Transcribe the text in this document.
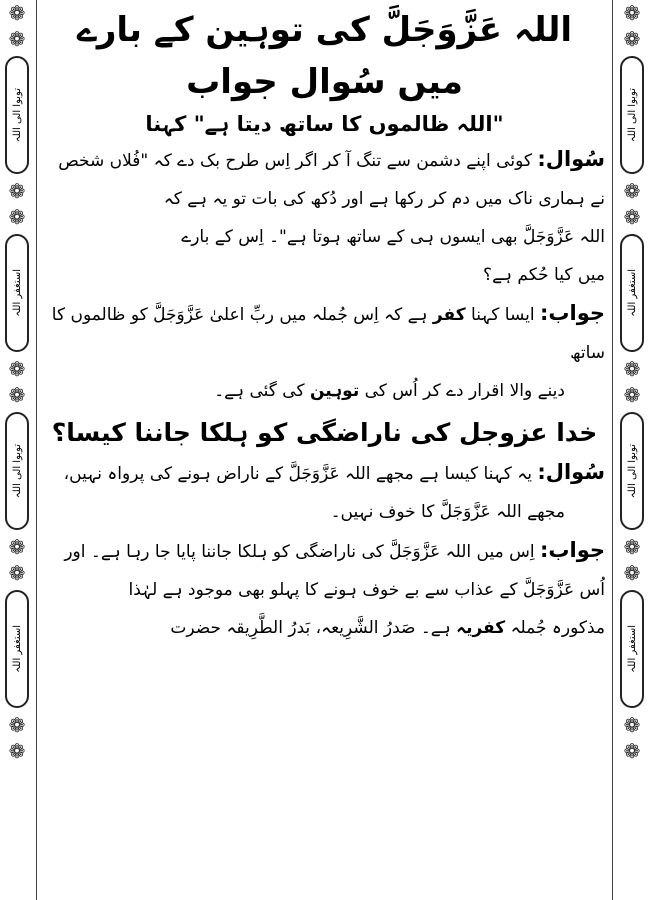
❁
❁
توبوا الی اللہ
❁
❁
استغفر اللہ
❁
❁
توبوا الی اللہ
❁
❁
استغفر اللہ
❁
❁
❁
❁
توبوا الی اللہ
❁
❁
استغفر اللہ
❁
❁
توبوا الی اللہ
❁
❁
استغفر اللہ
❁
❁
اللہ عَزَّوَجَلَّ کی توہین کے بارے
میں سُوال جواب
"اللہ ظالموں کا ساتھ دیتا ہے" کہنا

سُوال: کوئی اپنے دشمن سے تنگ آ کر اگر اِس طرح بک دے کہ "فُلاں شخص

نے ہماری ناک میں دم کر رکھا ہے اور دُکھ کی بات تو یہ ہے کہ

اللہ عَزَّوَجَلَّ بھی ایسوں ہی کے ساتھ ہوتا ہے"۔ اِس کے بارے

میں کیا حُکم ہے؟

جواب: ایسا کہنا کفر ہے کہ اِس جُملہ میں ربِّ اعلیٰ عَزَّوَجَلَّ کو ظالموں کا ساتھ

دینے والا اقرار دے کر اُس کی توہین کی گئی ہے۔

خدا عزوجل کی ناراضگی کو ہلکا جاننا کیسا؟

سُوال: یہ کہنا کیسا ہے مجھے اللہ عَزَّوَجَلَّ کے ناراض ہونے کی پرواہ نہیں،

مجھے اللہ عَزَّوَجَلَّ کا خوف نہیں۔

جواب: اِس میں اللہ عَزَّوَجَلَّ کی ناراضگی کو ہلکا جاننا پایا جا رہا ہے۔ اور

اُس عَزَّوَجَلَّ کے عذاب سے بے خوف ہونے کا پہلو بھی موجود ہے لہٰذا

مذکورہ جُملہ کفریہ ہے۔ صَدرُ الشَّرِیعہ، بَدرُ الطَّرِیقہ حضرت
